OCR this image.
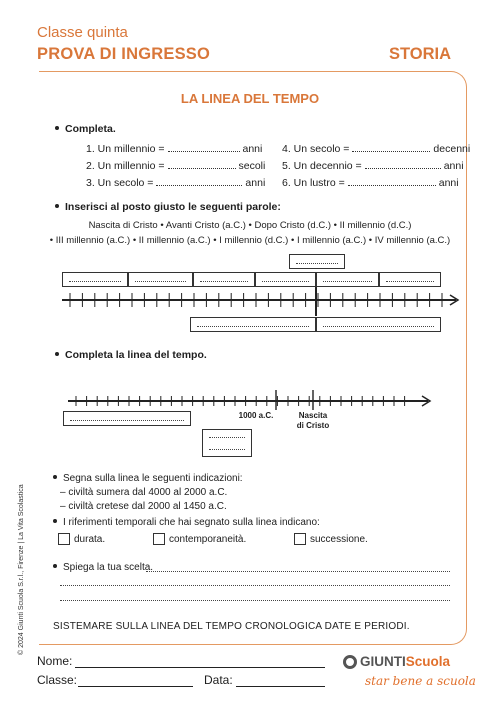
Classe quinta
PROVA DI INGRESSO	STORIA
LA LINEA DEL TEMPO
Completa.
1. Un millennio =	anni
2. Un millennio =	secoli
3. Un secolo =	anni
4. Un secolo =	decenni
5. Un decennio =	anni
6. Un lustro =	anni
Inserisci al posto giusto le seguenti parole:
Nascita di Cristo • Avanti Cristo (a.C.) • Dopo Cristo (d.C.) • II millennio (d.C.)
• III millennio (a.C.) • II millennio (a.C.) • I millennio (d.C.) • I millennio (a.C.) • IV millennio (a.C.)
Completa la linea del tempo.
1000 a.C.	Nascita
di Cristo
Segna sulla linea le seguenti indicazioni:
– civiltà sumera dal 4000 al 2000 a.C.
– civiltà cretese dal 2000 al 1450 a.C.
I riferimenti temporali che hai segnato sulla linea indicano:
durata.	contemporaneità.	successione.
Spiega la tua scelta.
SISTEMARE SULLA LINEA DEL TEMPO CRONOLOGICA DATE E PERIODI.
© 2024 Giunti Scuola S.r.l., Firenze | La Vita Scolastica
Nome:
Classe:	Data:
GIUNTIScuola
star bene a scuola
